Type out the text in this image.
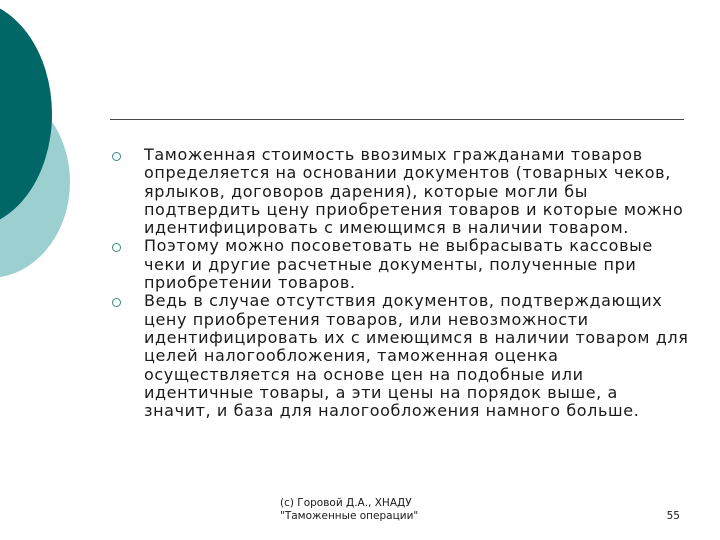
Таможенная стоимость ввозимых гражданами товаров определяется на основании документов (товарных чеков, ярлыков, договоров дарения), которые могли бы подтвердить цену приобретения товаров и которые можно идентифицировать с имеющимся в наличии товаром.
Поэтому можно посоветовать не выбрасывать кассовые чеки и другие расчетные документы, полученные при приобретении товаров.
Ведь в случае отсутствия документов, подтверждающих цену приобретения товаров, или невозможности идентифицировать их с имеющимся в наличии товаром для целей налогообложения, таможенная оценка осуществляется на основе цен на подобные или идентичные товары, а эти цены на порядок выше, а значит, и база для налогообложения намного больше.
(c) Горовой Д.А., ХНАДУ
"Таможенные операции"	55
